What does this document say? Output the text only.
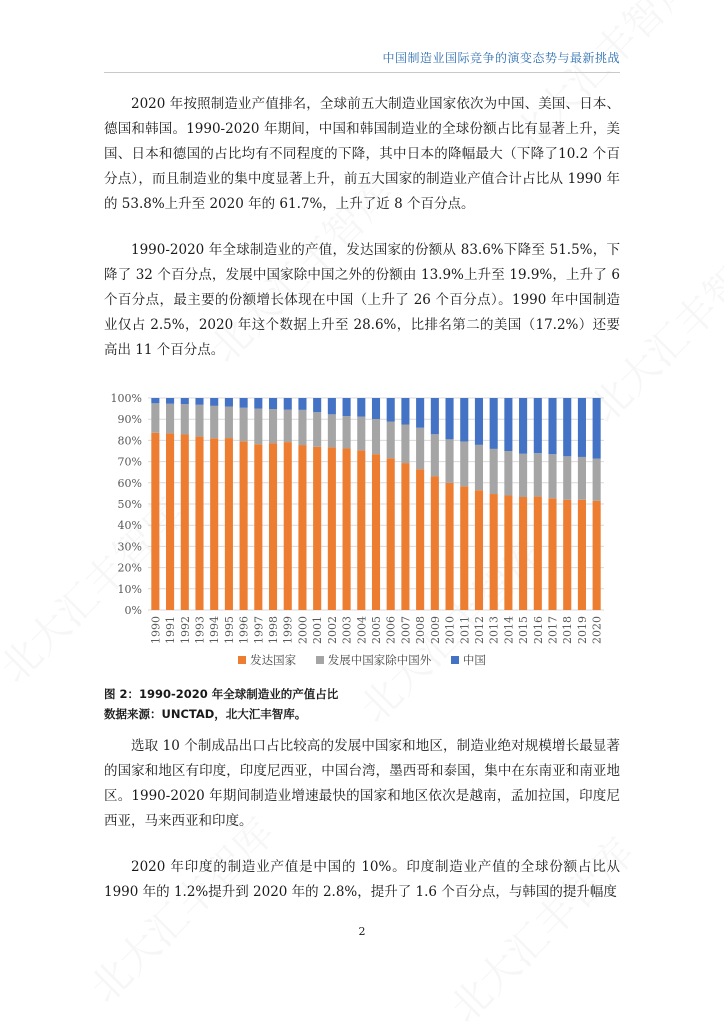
中国制造业国际竞争的演变态势与最新挑战
2020 年按照制造业产值排名，全球前五大制造业国家依次为中国、美国、日本、德国和韩国。1990-2020 年期间，中国和韩国制造业的全球份额占比有显著上升，美国、日本和德国的占比均有不同程度的下降，其中日本的降幅最大（下降了10.2 个百分点），而且制造业的集中度显著上升，前五大国家的制造业产值合计占比从 1990 年的 53.8%上升至 2020 年的 61.7%，上升了近 8 个百分点。
1990-2020 年全球制造业的产值，发达国家的份额从 83.6%下降至 51.5%，下降了 32 个百分点，发展中国家除中国之外的份额由 13.9%上升至 19.9%，上升了 6 个百分点，最主要的份额增长体现在中国（上升了 26 个百分点）。1990 年中国制造业仅占 2.5%，2020 年这个数据上升至 28.6%，比排名第二的美国（17.2%）还要高出 11 个百分点。
0%
10%
20%
30%
40%
50%
60%
70%
80%
90%
100%
1990 1991 1992 1993 1994 1995 1996 1997 1998 1999 2000 2001 2002 2003 2004 2005 2006 2007 2008 2009 2010 2011 2012 2013 2014 2015 2016 2017 2018 2019 2020
发达国家	发展中国家除中国外	中国
图 2：1990-2020 年全球制造业的产值占比
数据来源：UNCTAD，北大汇丰智库。
选取 10 个制成品出口占比较高的发展中国家和地区，制造业绝对规模增长最显著的国家和地区有印度，印度尼西亚，中国台湾，墨西哥和泰国，集中在东南亚和南亚地区。1990-2020 年期间制造业增速最快的国家和地区依次是越南，孟加拉国，印度尼西亚，马来西亚和印度。
2020 年印度的制造业产值是中国的 10%。印度制造业产值的全球份额占比从 1990 年的 1.2%提升到 2020 年的 2.8%，提升了 1.6 个百分点，与韩国的提升幅度
2
